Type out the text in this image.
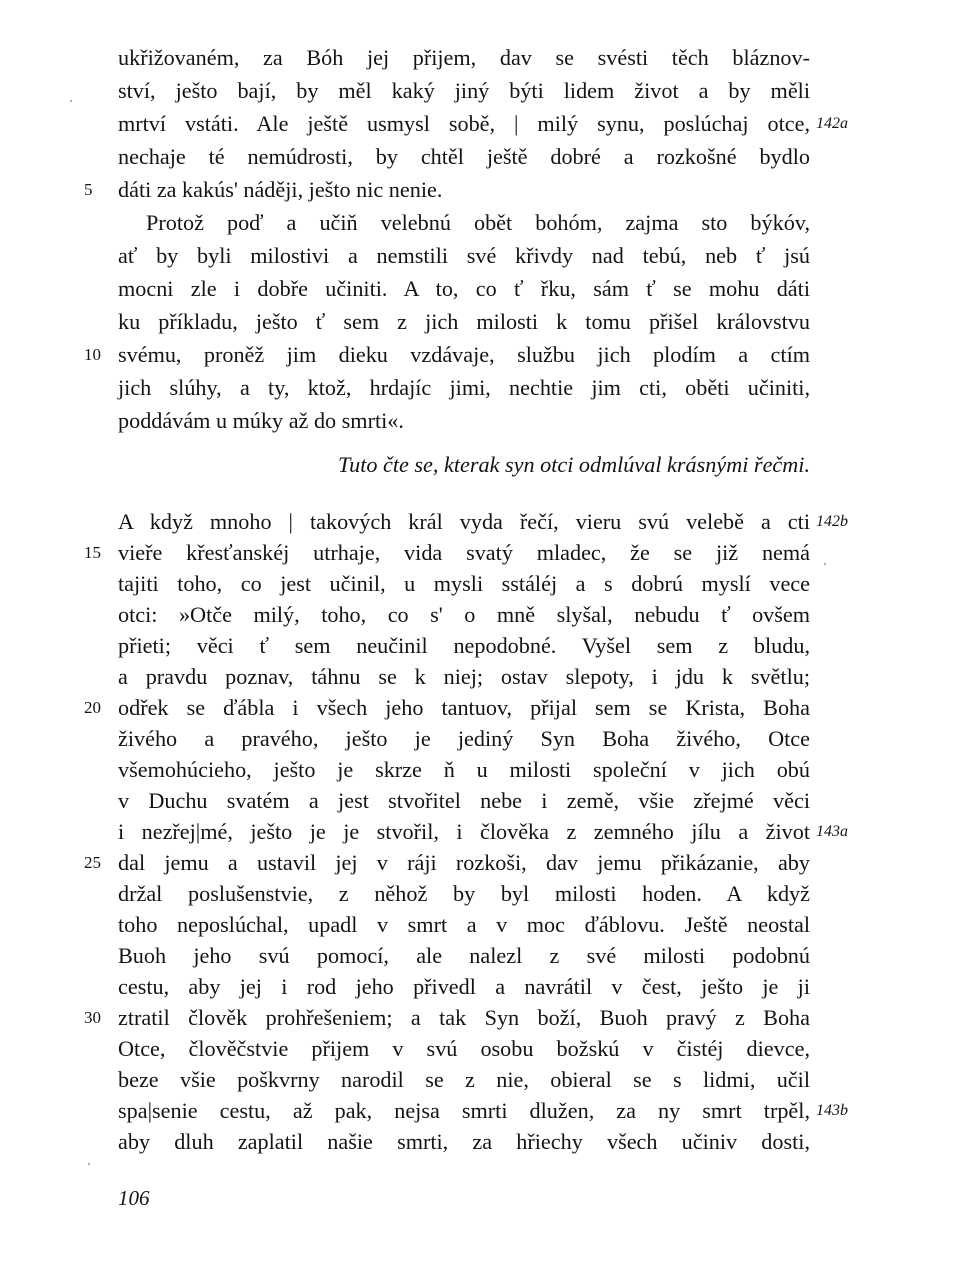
ukřižovaném, za Bóh jej přijem, dav se svésti těch bláznov-
ství, ješto bají, by měl kaký jiný býti lidem život a by měli
mrtví vstáti. Ale ještě usmysl sobě, | milý synu, poslúchaj otce,
nechaje té nemúdrosti, by chtěl ještě dobré a rozkošné bydlo
dáti za kakús' náději, ješto nic nenie.
Protož poď a učiň velebnú obět bohóm, zajma sto býkóv,
ať by byli milostivi a nemstili své křivdy nad tebú, neb ť jsú
mocni zle i dobře učiniti. A to, co ť řku, sám ť se mohu dáti
ku příkladu, ješto ť sem z jich milosti k tomu přišel královstvu
svému, proněž jim dieku vzdávaje, službu jich plodím a ctím
jich slúhy, a ty, ktož, hrdajíc jimi, nechtie jim cti, oběti učiniti,
poddávám u múky až do smrti«.
Tuto čte se, kterak syn otci odmlúval krásnými řečmi.
A když mnoho | takových král vyda řečí, vieru svú velebě a cti
vieře křesťanskéj utrhaje, vida svatý mladec, že se již nemá
tajiti toho, co jest učinil, u mysli sstáléj a s dobrú myslí vece
otci: »Otče milý, toho, co s' o mně slyšal, nebudu ť ovšem
přieti; věci ť sem neučinil nepodobné. Vyšel sem z bludu,
a pravdu poznav, táhnu se k niej; ostav slepoty, i jdu k světlu;
odřek se ďábla i všech jeho tantuov, přijal sem se Krista, Boha
živého a pravého, ješto je jediný Syn Boha živého, Otce
všemohúcieho, ješto je skrze ň u milosti společní v jich obú
v Duchu svatém a jest stvořitel nebe i země, všie zřejmé věci
i nezřej|mé, ješto je je stvořil, i člověka z zemného jílu a život
dal jemu a ustavil jej v ráji rozkoši, dav jemu přikázanie, aby
držal poslušenstvie, z něhož by byl milosti hoden. A když
toho neposlúchal, upadl v smrt a v moc ďáblovu. Ještě neostal
Buoh jeho svú pomocí, ale nalezl z své milosti podobnú
cestu, aby jej i rod jeho přivedl a navrátil v čest, ješto je ji
ztratil člověk prohřešeniem; a tak Syn boží, Buoh pravý z Boha
Otce, člověčstvie přijem v svú osobu božskú v čistéj dievce,
beze všie poškvrny narodil se z nie, obieral se s lidmi, učil
spa|senie cestu, až pak, nejsa smrti dlužen, za ny smrt trpěl,
aby dluh zaplatil našie smrti, za hřiechy všech učiniv dosti,
5
10
15
20
25
30
142a
142b
143a
143b
106
